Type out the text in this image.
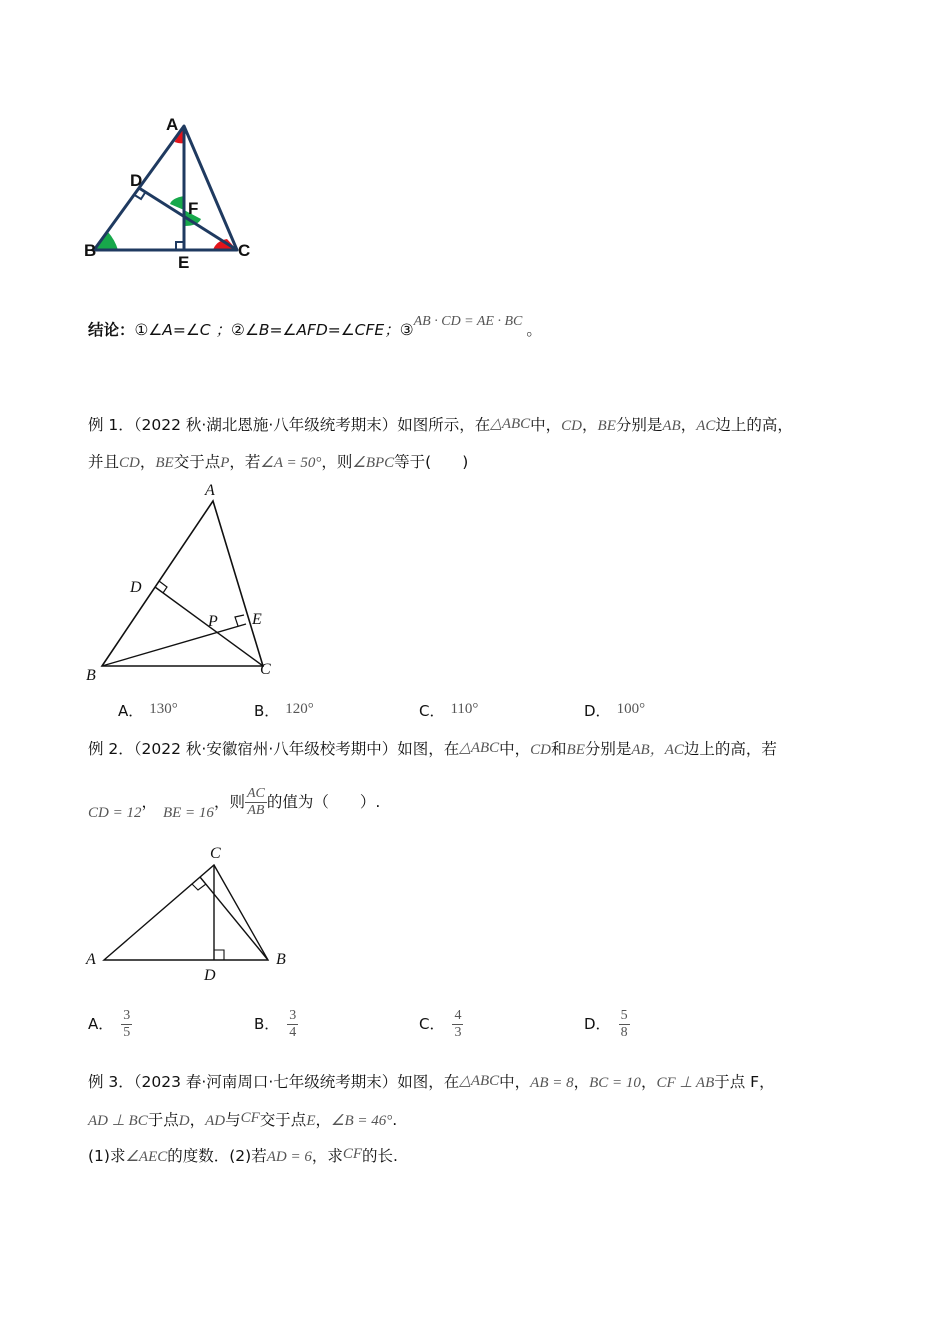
A
D
F
B	C
E
结论：①∠A=∠C ；②∠B=∠AFD=∠CFE；③AB · CD = AE · BC 。
例 1．（2022 秋·湖北恩施·八年级统考期末）如图所示，在△ABC中，CD，BE分别是AB，AC边上的高，
并且CD，BE交于点P，若∠A = 50°，则∠BPC等于(　　)
A
D
P E
B	C
A． 130°	B． 120°	C． 110°	D． 100°
例 2．（2022 秋·安徽宿州·八年级校考期中）如图，在△ABC中，CD和BE分别是AB，AC边上的高，若
CD = 12，BE = 16，则 $\frac{AC}{AB}$ 的值为（　　）.
C
A	B
D
A． $\frac{3}{5}$	B． $\frac{3}{4}$	C． $\frac{4}{3}$	D． $\frac{5}{8}$
例 3．（2023 春·河南周口·七年级统考期末）如图，在△ABC中，AB = 8，BC = 10，CF ⊥ AB于点 F，
AD ⊥ BC于点D，AD与CF交于点E，∠B = 46°.
(1)求∠AEC的度数．(2)若AD = 6，求CF的长.
